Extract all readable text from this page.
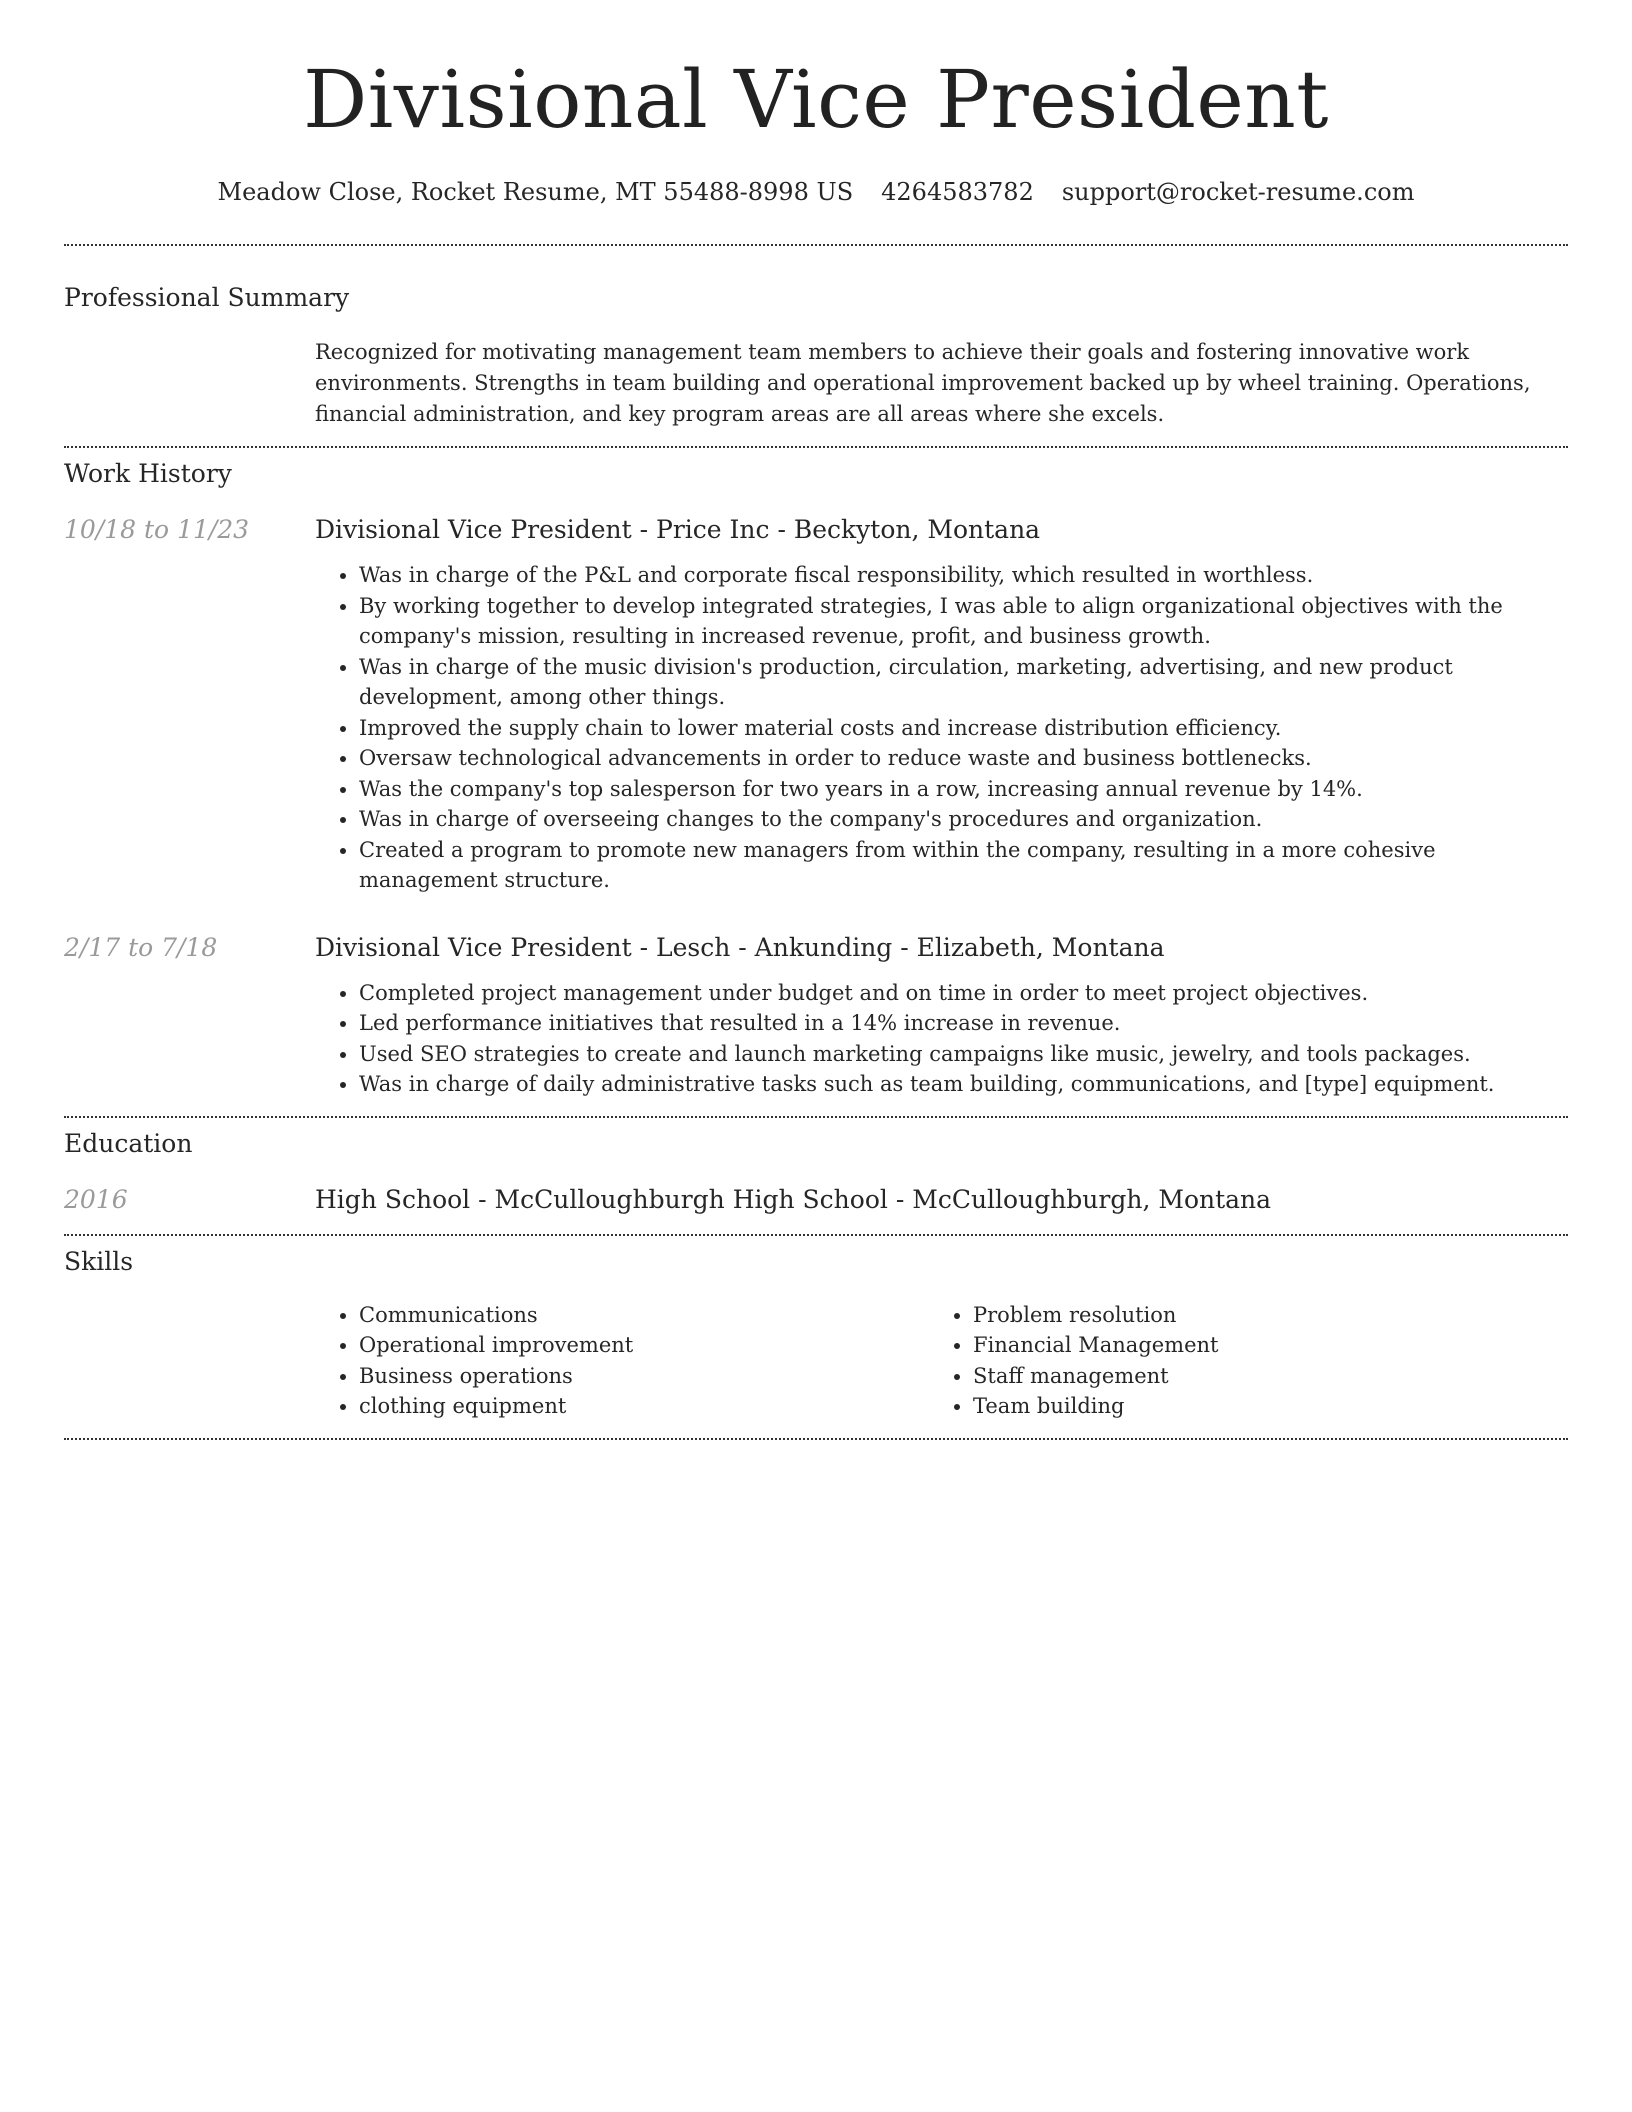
Divisional Vice President
Meadow Close, Rocket Resume, MT 55488-8998 US 4264583782 support@rocket-resume.com
Professional Summary
Recognized for motivating management team members to achieve their goals and fostering innovative work environments. Strengths in team building and operational improvement backed up by wheel training. Operations, financial administration, and key program areas are all areas where she excels.
Work History
10/18 to 11/23	Divisional Vice President - Price Inc - Beckyton, Montana
• Was in charge of the P&L and corporate fiscal responsibility, which resulted in worthless.
• By working together to develop integrated strategies, I was able to align organizational objectives with the company's mission, resulting in increased revenue, profit, and business growth.
• Was in charge of the music division's production, circulation, marketing, advertising, and new product development, among other things.
• Improved the supply chain to lower material costs and increase distribution efficiency.
• Oversaw technological advancements in order to reduce waste and business bottlenecks.
• Was the company's top salesperson for two years in a row, increasing annual revenue by 14%.
• Was in charge of overseeing changes to the company's procedures and organization.
• Created a program to promote new managers from within the company, resulting in a more cohesive management structure.
2/17 to 7/18	Divisional Vice President - Lesch - Ankunding - Elizabeth, Montana
• Completed project management under budget and on time in order to meet project objectives.
• Led performance initiatives that resulted in a 14% increase in revenue.
• Used SEO strategies to create and launch marketing campaigns like music, jewelry, and tools packages.
• Was in charge of daily administrative tasks such as team building, communications, and [type] equipment.
Education
2016	High School - McCulloughburgh High School - McCulloughburgh, Montana
Skills
• Communications
• Operational improvement
• Business operations
• clothing equipment
• Problem resolution
• Financial Management
• Staff management
• Team building
